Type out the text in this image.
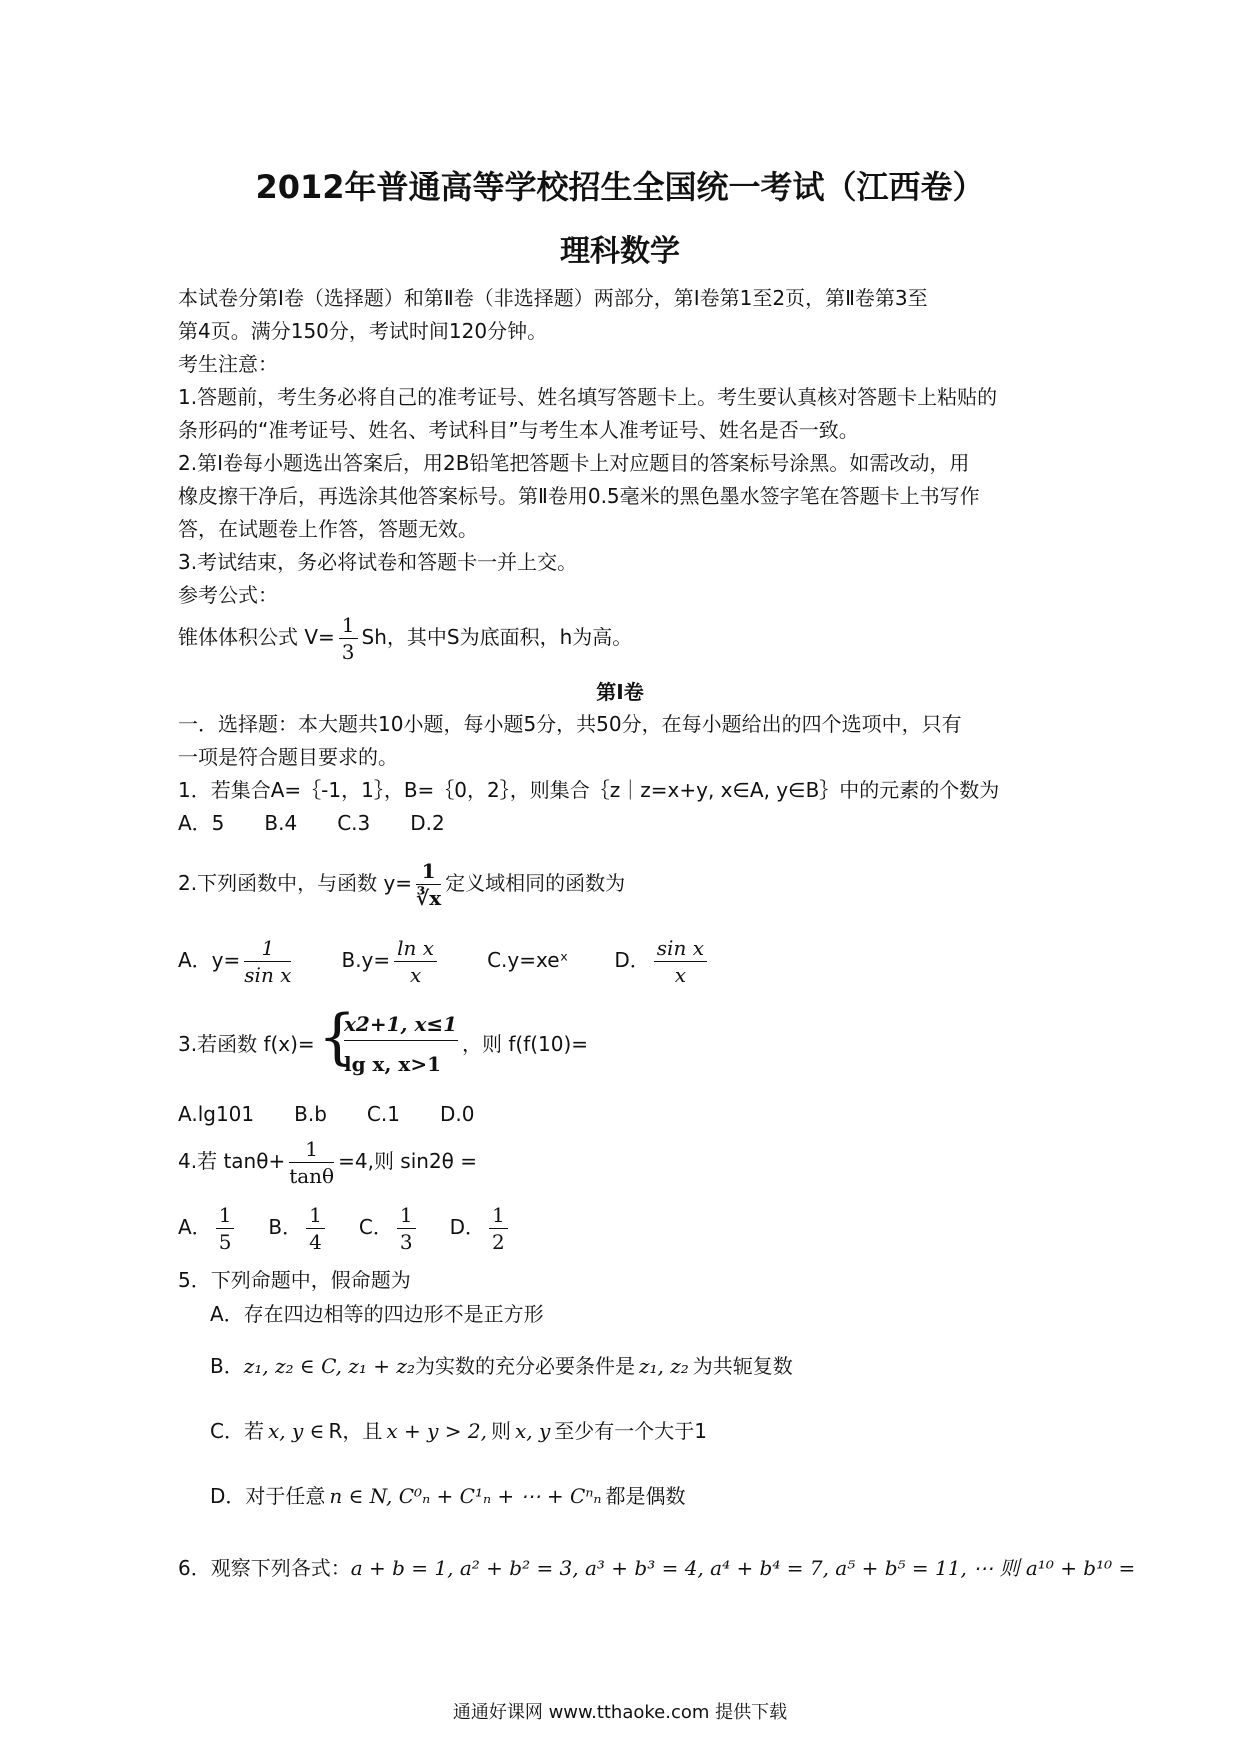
2012年普通高等学校招生全国统一考试（江西卷）
理科数学
本试卷分第Ⅰ卷（选择题）和第Ⅱ卷（非选择题）两部分，第Ⅰ卷第1至2页，第Ⅱ卷第3至
第4页。满分150分，考试时间120分钟。
考生注意：
1.答题前，考生务必将自己的准考证号、姓名填写答题卡上。考生要认真核对答题卡上粘贴的
条形码的“准考证号、姓名、考试科目”与考生本人准考证号、姓名是否一致。
2.第Ⅰ卷每小题选出答案后，用2B铅笔把答题卡上对应题目的答案标号涂黑。如需改动，用
橡皮擦干净后，再选涂其他答案标号。第Ⅱ卷用0.5毫米的黑色墨水签字笔在答题卡上书写作
答，在试题卷上作答，答题无效。
3.考试结束，务必将试卷和答题卡一并上交。
参考公式：
锥体体积公式 $V= \frac{1}{3}$ Sh，其中S为底面积，h为高。
第Ⅰ卷
一．选择题：本大题共10小题，每小题5分，共50分，在每小题给出的四个选项中，只有
一项是符合题目要求的。
1．若集合A=｛-1，1｝，B=｛0，2｝，则集合｛z｜z=x+y, x∈A, y∈B｝中的元素的个数为
A．5 B.4 C.3 D.2
2.下列函数中，与函数 $y= \frac{1}{∛x}$ 定义域相同的函数为
A．$y= \frac{1}{\text{sin x}}$	$B.y= \frac{\text{ln x}}{x}$	C.y=xeˣ D． $\frac{\text{sin x}}{x}$
3.若函数 f(x)= {
x2+1, x≤1
lg x, x>1
，则 f(f(10)=
A.lg101 B.b C.1 D.0
4.若 $\tan\theta+ \frac{1}{\tan\theta} =4$,则 sin2θ =
A． $\frac{1}{5}$ B． $\frac{1}{4}$ C． $\frac{1}{3}$ D． $\frac{1}{2}$
5．下列命题中，假命题为
A．存在四边相等的四边形不是正方形
B．z₁, z₂ ∈ C, z₁ + z₂为实数的充分必要条件是 z₁, z₂ 为共轭复数
C．若 x, y ∈ R，且 x + y > 2, 则 x, y 至少有一个大于1
D．对于任意 n ∈ N, C⁰ₙ + C¹ₙ + ⋯ + Cⁿₙ 都是偶数
6．观察下列各式：a + b = 1, a² + b² = 3, a³ + b³ = 4, a⁴ + b⁴ = 7, a⁵ + b⁵ = 11, ⋯ 则 a¹⁰ + b¹⁰ =
通通好课网 www.tthaoke.com 提供下载
